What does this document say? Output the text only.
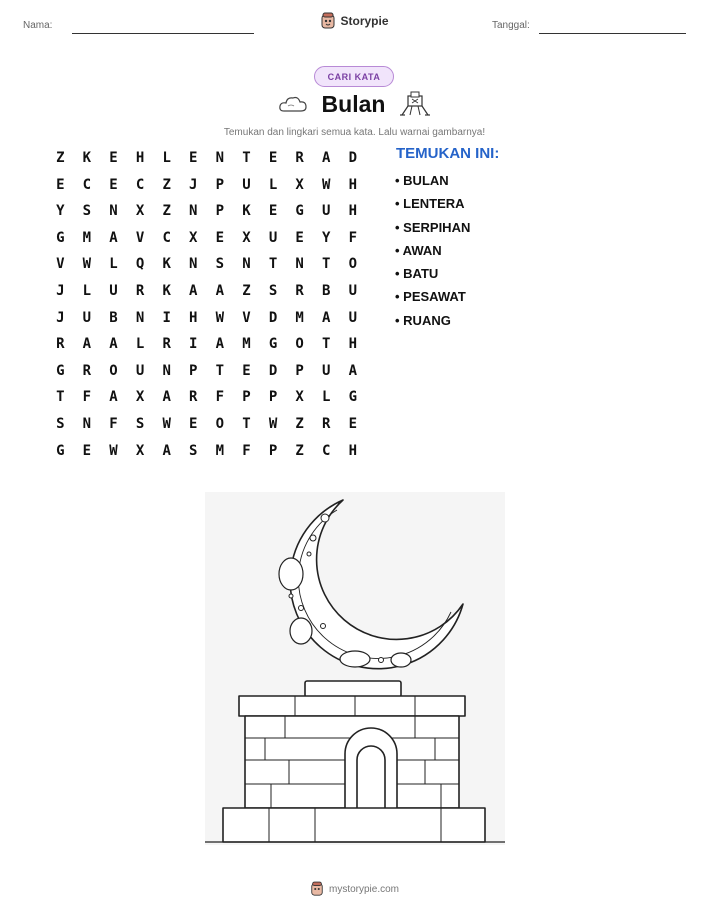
Nama:	Storypie	Tanggal:
CARI KATA
Bulan
Temukan dan lingkari semua kata. Lalu warnai gambarnya!
Z	K	E	H	L	E	N	T	E	R	A	D
E	C	E	C	Z	J	P	U	L	X	W	H
Y	S	N	X	Z	N	P	K	E	G	U	H
G	M	A	V	C	X	E	X	U	E	Y	F
V	W	L	Q	K	N	S	N	T	N	T	O
J	L	U	R	K	A	A	Z	S	R	B	U
J	U	B	N	I	H	W	V	D	M	A	U
R	A	A	L	R	I	A	M	G	O	T	H
G	R	O	U	N	P	T	E	D	P	U	A
T	F	A	X	A	R	F	P	P	X	L	G
S	N	F	S	W	E	O	T	W	Z	R	E
G	E	W	X	A	S	M	F	P	Z	C	H
TEMUKAN INI:
• BULAN
• LENTERA
• SERPIHAN
• AWAN
• BATU
• PESAWAT
• RUANG
mystorypie.com
